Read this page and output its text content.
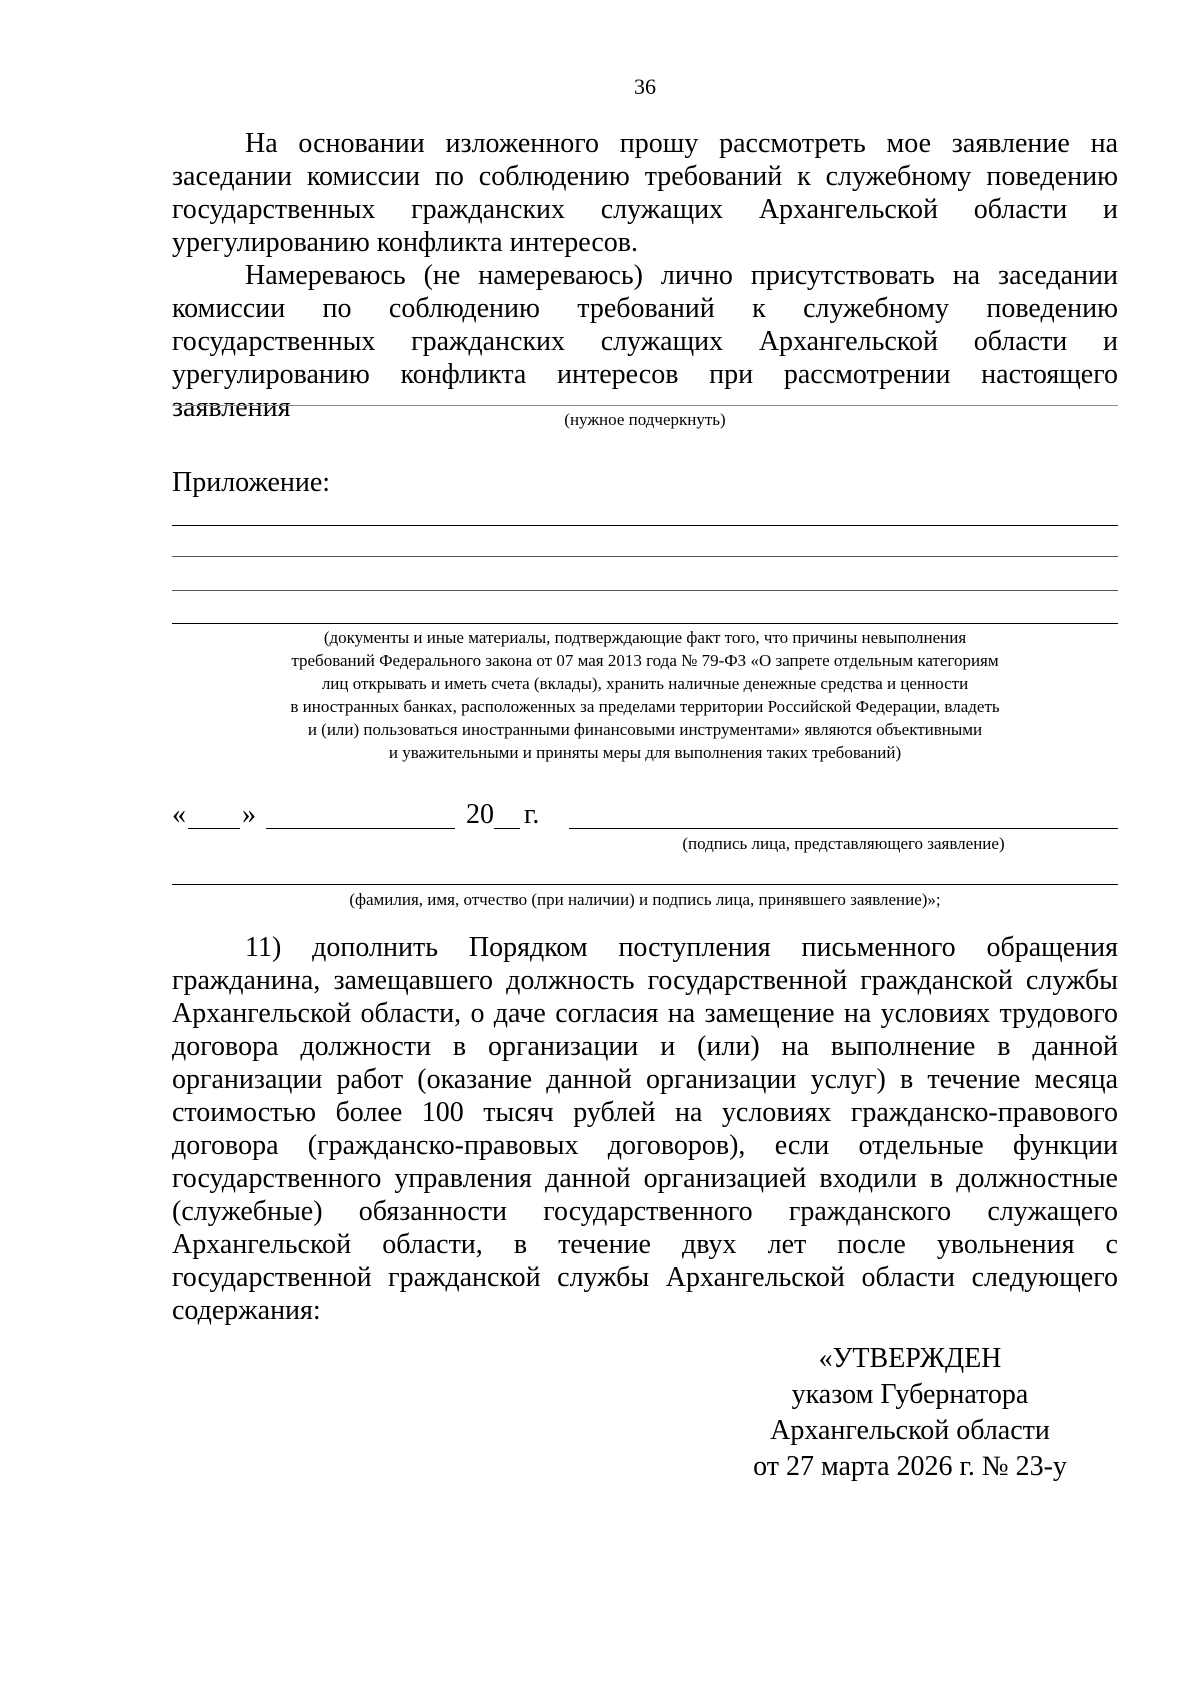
36

На основании изложенного прошу рассмотреть мое заявление на заседании комиссии по соблюдению требований к служебному поведению государственных гражданских служащих Архангельской области и урегулированию конфликта интересов.

Намереваюсь (не намереваюсь) лично присутствовать на заседании комиссии по соблюдению требований к служебному поведению государственных гражданских служащих Архангельской области и урегулированию конфликта интересов при рассмотрении настоящего заявления	(нужное подчеркнуть)

Приложение:

(документы и иные материалы, подтверждающие факт того, что причины невыполнения
требований Федерального закона от 07 мая 2013 года № 79-ФЗ «О запрете отдельным категориям
лиц открывать и иметь счета (вклады), хранить наличные денежные средства и ценности
в иностранных банках, расположенных за пределами территории Российской Федерации, владеть
и (или) пользоваться иностранными финансовыми инструментами» являются объективными
и уважительными и приняты меры для выполнения таких требований)
« »	20 г.
(подпись лица, представляющего заявление)
(фамилия, имя, отчество (при наличии) и подпись лица, принявшего заявление)»;

11) дополнить Порядком поступления письменного обращения гражданина, замещавшего должность государственной гражданской службы Архангельской области, о даче согласия на замещение на условиях трудового договора должности в организации и (или) на выполнение в данной организации работ (оказание данной организации услуг) в течение месяца стоимостью более 100 тысяч рублей на условиях гражданско-правового договора (гражданско-правовых договоров), если отдельные функции государственного управления данной организацией входили в должностные (служебные) обязанности государственного гражданского служащего Архангельской области, в течение двух лет после увольнения с государственной гражданской службы Архангельской области следующего содержания:

«УТВЕРЖДЕН
указом Губернатора
Архангельской области
от 27 марта 2026 г. № 23-у
